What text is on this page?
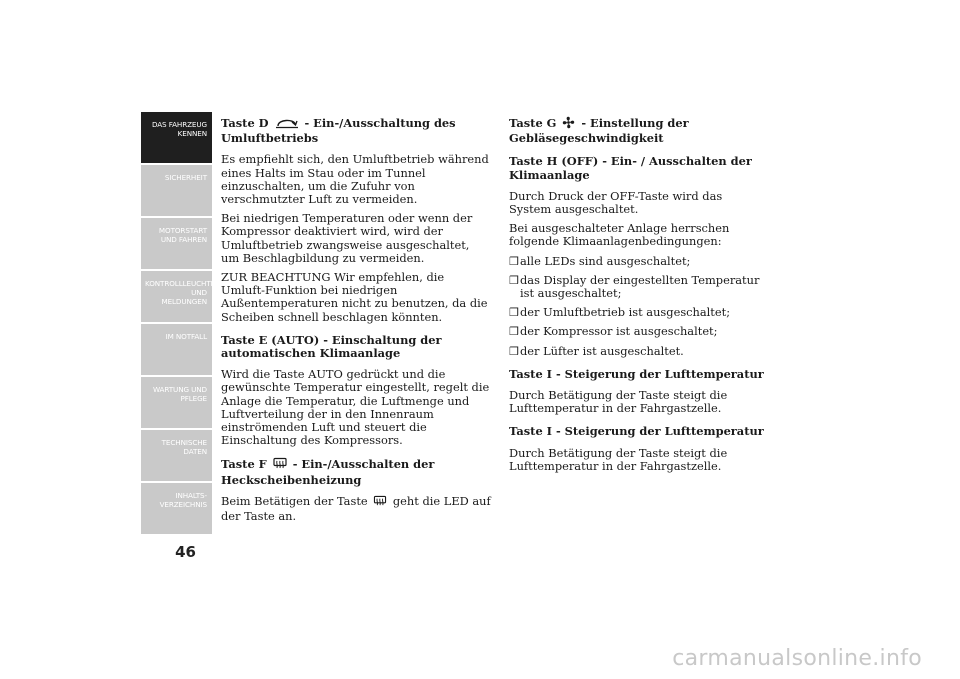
DAS FAHRZEUG KENNEN
SICHERHEIT
MOTORSTART UND FAHREN
KONTROLLLEUCHTEN UND MELDUNGEN
IM NOTFALL
WARTUNG UND PFLEGE
TECHNISCHE DATEN
INHALTS- VERZEICHNIS
46
Taste D	- Ein-/Ausschaltung des Umluftbetriebs
Es empfiehlt sich, den Umluftbetrieb während eines Halts im Stau oder im Tunnel einzuschalten, um die Zufuhr von verschmutzter Luft zu vermeiden.
Bei niedrigen Temperaturen oder wenn der Kompressor deaktiviert wird, wird der Umluftbetrieb zwangsweise ausgeschaltet, um Beschlagbildung zu vermeiden.
ZUR BEACHTUNG Wir empfehlen, die Umluft-Funktion bei niedrigen Außentemperaturen nicht zu benutzen, da die Scheiben schnell beschlagen könnten.
Taste E (AUTO) - Einschaltung der automatischen Klimaanlage
Wird die Taste AUTO gedrückt und die gewünschte Temperatur eingestellt, regelt die Anlage die Temperatur, die Luftmenge und Luftverteilung der in den Innenraum einströmenden Luft und steuert die Einschaltung des Kompressors.
Taste F - Ein-/Ausschalten der Heckscheibenheizung
Beim Betätigen der Taste geht die LED auf der Taste an.
Taste G - Einstellung der Gebläsegeschwindigkeit
Taste H (OFF) - Ein- / Ausschalten der Klimaanlage
Durch Druck der OFF-Taste wird das System ausgeschaltet.
Bei ausgeschalteter Anlage herrschen folgende Klimaanlagenbedingungen:
❒ alle LEDs sind ausgeschaltet;
❒ das Display der eingestellten Temperatur ist ausgeschaltet;
❒ der Umluftbetrieb ist ausgeschaltet;
❒ der Kompressor ist ausgeschaltet;
❒ der Lüfter ist ausgeschaltet.
Taste I - Steigerung der Lufttemperatur
Durch Betätigung der Taste steigt die Lufttemperatur in der Fahrgastzelle.
Taste I - Steigerung der Lufttemperatur
Durch Betätigung der Taste steigt die Lufttemperatur in der Fahrgastzelle.
carmanualsonline.info
